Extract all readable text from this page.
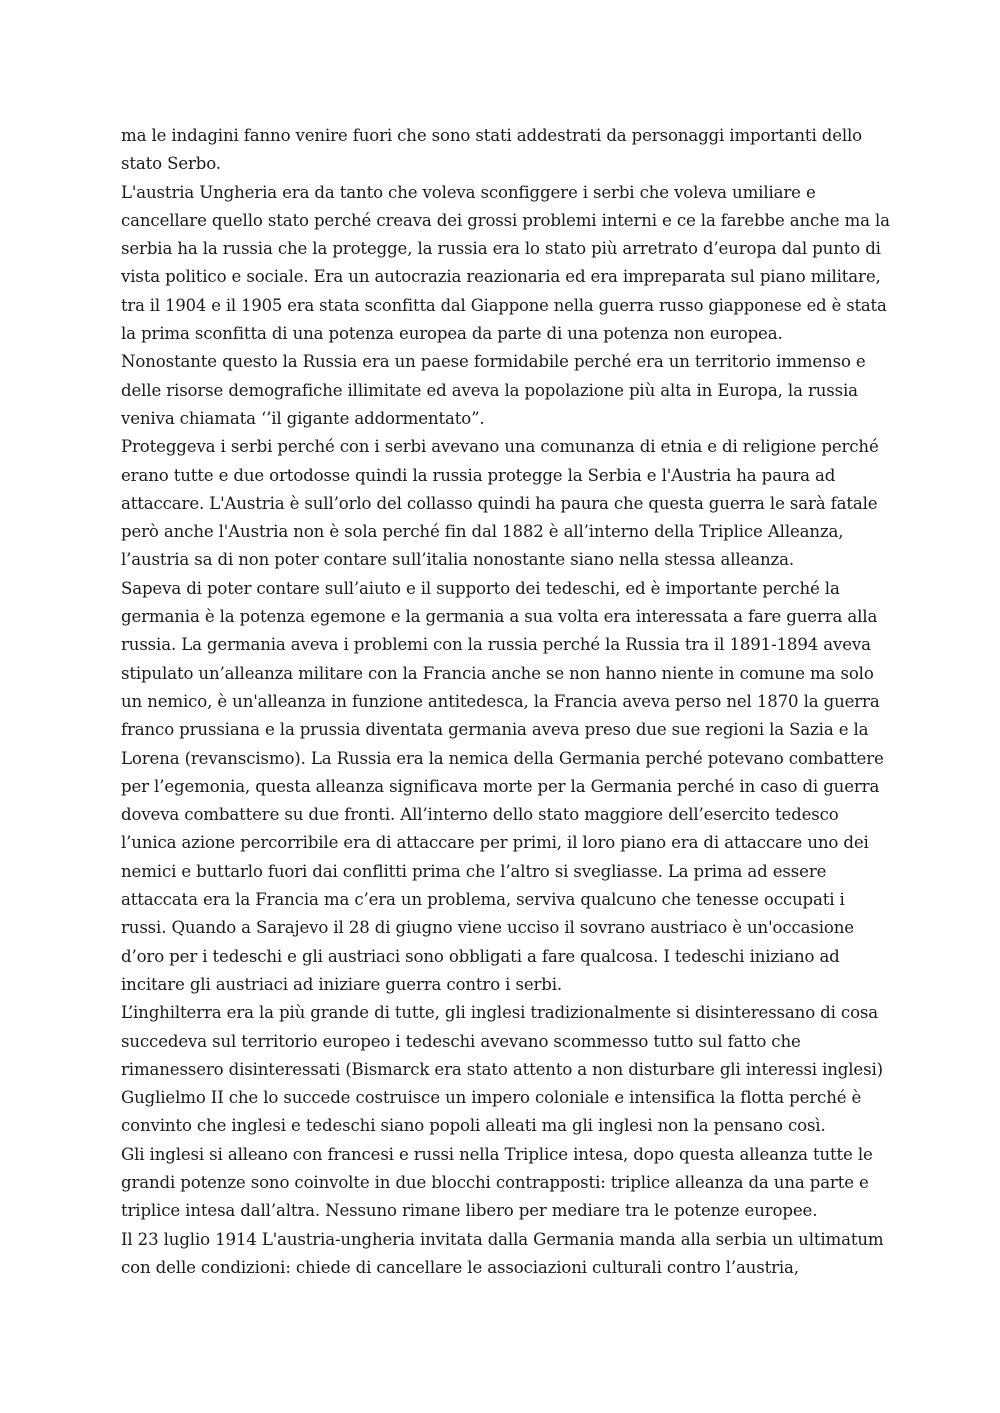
ma le indagini fanno venire fuori che sono stati addestrati da personaggi importanti dello
stato Serbo.
L'austria Ungheria era da tanto che voleva sconfiggere i serbi che voleva umiliare e
cancellare quello stato perché creava dei grossi problemi interni e ce la farebbe anche ma la
serbia ha la russia che la protegge, la russia era lo stato più arretrato d’europa dal punto di
vista politico e sociale. Era un autocrazia reazionaria ed era impreparata sul piano militare,
tra il 1904 e il 1905 era stata sconfitta dal Giappone nella guerra russo giapponese ed è stata
la prima sconfitta di una potenza europea da parte di una potenza non europea.
Nonostante questo la Russia era un paese formidabile perché era un territorio immenso e
delle risorse demografiche illimitate ed aveva la popolazione più alta in Europa, la russia
veniva chiamata ‘’il gigante addormentato”.
Proteggeva i serbi perché con i serbi avevano una comunanza di etnia e di religione perché
erano tutte e due ortodosse quindi la russia protegge la Serbia e l'Austria ha paura ad
attaccare. L'Austria è sull’orlo del collasso quindi ha paura che questa guerra le sarà fatale
però anche l'Austria non è sola perché fin dal 1882 è all’interno della Triplice Alleanza,
l’austria sa di non poter contare sull’italia nonostante siano nella stessa alleanza.
Sapeva di poter contare sull’aiuto e il supporto dei tedeschi, ed è importante perché la
germania è la potenza egemone e la germania a sua volta era interessata a fare guerra alla
russia. La germania aveva i problemi con la russia perché la Russia tra il 1891-1894 aveva
stipulato un’alleanza militare con la Francia anche se non hanno niente in comune ma solo
un nemico, è un'alleanza in funzione antitedesca, la Francia aveva perso nel 1870 la guerra
franco prussiana e la prussia diventata germania aveva preso due sue regioni la Sazia e la
Lorena (revanscismo). La Russia era la nemica della Germania perché potevano combattere
per l’egemonia, questa alleanza significava morte per la Germania perché in caso di guerra
doveva combattere su due fronti. All’interno dello stato maggiore dell’esercito tedesco
l’unica azione percorribile era di attaccare per primi, il loro piano era di attaccare uno dei
nemici e buttarlo fuori dai conflitti prima che l’altro si svegliasse. La prima ad essere
attaccata era la Francia ma c’era un problema, serviva qualcuno che tenesse occupati i
russi. Quando a Sarajevo il 28 di giugno viene ucciso il sovrano austriaco è un'occasione
d’oro per i tedeschi e gli austriaci sono obbligati a fare qualcosa. I tedeschi iniziano ad
incitare gli austriaci ad iniziare guerra contro i serbi.
L’inghilterra era la più grande di tutte, gli inglesi tradizionalmente si disinteressano di cosa
succedeva sul territorio europeo i tedeschi avevano scommesso tutto sul fatto che
rimanessero disinteressati (Bismarck era stato attento a non disturbare gli interessi inglesi)
Guglielmo II che lo succede costruisce un impero coloniale e intensifica la flotta perché è
convinto che inglesi e tedeschi siano popoli alleati ma gli inglesi non la pensano così.
Gli inglesi si alleano con francesi e russi nella Triplice intesa, dopo questa alleanza tutte le
grandi potenze sono coinvolte in due blocchi contrapposti: triplice alleanza da una parte e
triplice intesa dall’altra. Nessuno rimane libero per mediare tra le potenze europee.
Il 23 luglio 1914 L'austria-ungheria invitata dalla Germania manda alla serbia un ultimatum
con delle condizioni: chiede di cancellare le associazioni culturali contro l’austria,
